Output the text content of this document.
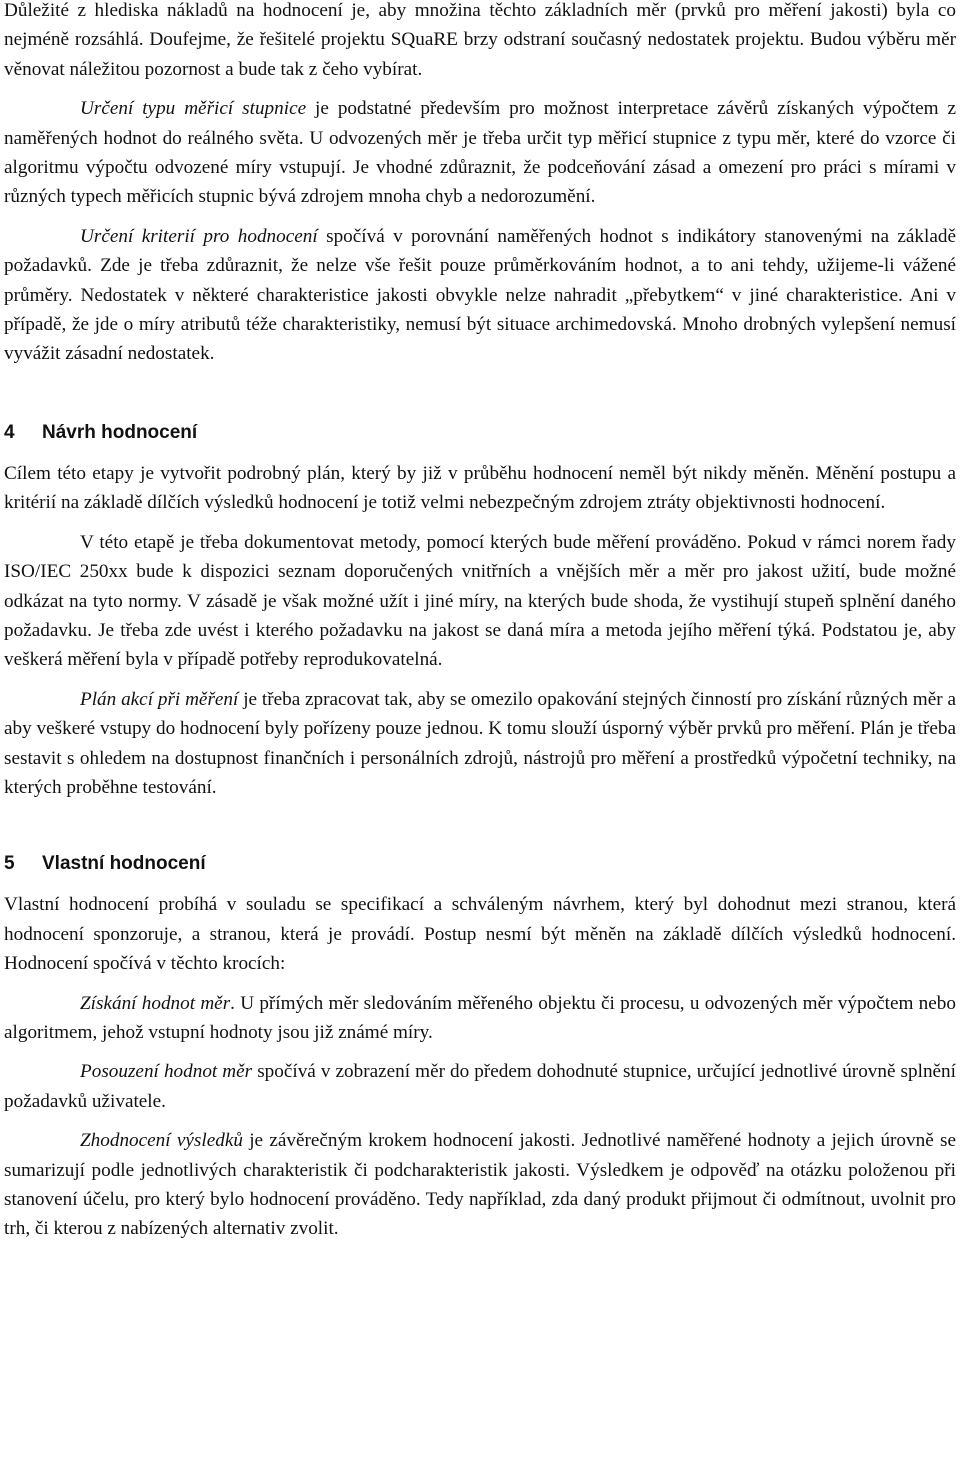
Důležité z hlediska nákladů na hodnocení je, aby množina těchto základních měr (prvků pro měření jakosti) byla co nejméně rozsáhlá. Doufejme, že řešitelé projektu SQuaRE brzy odstraní současný nedostatek projektu. Budou výběru měr věnovat náležitou pozornost a bude tak z čeho vybírat.

Určení typu měřicí stupnice je podstatné především pro možnost interpretace závěrů získaných výpočtem z naměřených hodnot do reálného světa. U odvozených měr je třeba určit typ měřicí stupnice z typu měr, které do vzorce či algoritmu výpočtu odvozené míry vstupují. Je vhodné zdůraznit, že podceňování zásad a omezení pro práci s mírami v různých typech měřicích stupnic bývá zdrojem mnoha chyb a nedorozumění.

Určení kriterií pro hodnocení spočívá v porovnání naměřených hodnot s indikátory stanovenými na základě požadavků. Zde je třeba zdůraznit, že nelze vše řešit pouze průměrkováním hodnot, a to ani tehdy, užijeme-li vážené průměry. Nedostatek v některé charakteristice jakosti obvykle nelze nahradit „přebytkem“ v jiné charakteristice. Ani v případě, že jde o míry atributů téže charakteristiky, nemusí být situace archimedovská. Mnoho drobných vylepšení nemusí vyvážit zásadní nedostatek.

4	Návrh hodnocení

Cílem této etapy je vytvořit podrobný plán, který by již v průběhu hodnocení neměl být nikdy měněn. Měnění postupu a kritérií na základě dílčích výsledků hodnocení je totiž velmi nebezpečným zdrojem ztráty objektivnosti hodnocení.

V této etapě je třeba dokumentovat metody, pomocí kterých bude měření prováděno. Pokud v rámci norem řady ISO/IEC 250xx bude k dispozici seznam doporučených vnitřních a vnějších měr a měr pro jakost užití, bude možné odkázat na tyto normy. V zásadě je však možné užít i jiné míry, na kterých bude shoda, že vystihují stupeň splnění daného požadavku. Je třeba zde uvést i kterého požadavku na jakost se daná míra a metoda jejího měření týká. Podstatou je, aby veškerá měření byla v případě potřeby reprodukovatelná.

Plán akcí při měření je třeba zpracovat tak, aby se omezilo opakování stejných činností pro získání různých měr a aby veškeré vstupy do hodnocení byly pořízeny pouze jednou. K tomu slouží úsporný výběr prvků pro měření. Plán je třeba sestavit s ohledem na dostupnost finančních i personálních zdrojů, nástrojů pro měření a prostředků výpočetní techniky, na kterých proběhne testování.

5	Vlastní hodnocení

Vlastní hodnocení probíhá v souladu se specifikací a schváleným návrhem, který byl dohodnut mezi stranou, která hodnocení sponzoruje, a stranou, která je provádí. Postup nesmí být měněn na základě dílčích výsledků hodnocení. Hodnocení spočívá v těchto krocích:

Získání hodnot měr. U přímých měr sledováním měřeného objektu či procesu, u odvozených měr výpočtem nebo algoritmem, jehož vstupní hodnoty jsou již známé míry.

Posouzení hodnot měr spočívá v zobrazení měr do předem dohodnuté stupnice, určující jednotlivé úrovně splnění požadavků uživatele.

Zhodnocení výsledků je závěrečným krokem hodnocení jakosti. Jednotlivé naměřené hodnoty a jejich úrovně se sumarizují podle jednotlivých charakteristik či podcharakteristik jakosti. Výsledkem je odpověď na otázku položenou při stanovení účelu, pro který bylo hodnocení prováděno. Tedy například, zda daný produkt přijmout či odmítnout, uvolnit pro trh, či kterou z nabízených alternativ zvolit.
